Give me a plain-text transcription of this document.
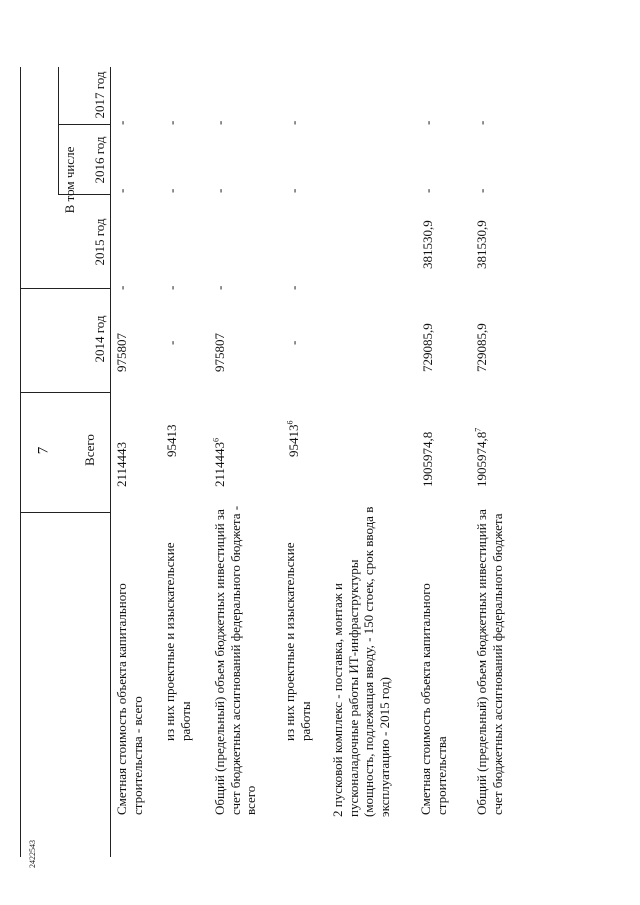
7
2422543
Всего
В том числе
2014 год
2015 год
2016 год
2017 год
Сметная стоимость объекта капитального строительства - всего
2114443
975807
-
-
-
из них проектные и изыскательские работы
95413
-
-
-
-
Общий (предельный) объем бюджетных инвестиций за счет бюджетных ассигнований федерального бюджета - всего
2114443$^6$
975807
-
-
-
из них проектные и изыскательские работы
95413$^6$
-
-
-
-
2 пусковой комплекс - поставка, монтаж и пусконаладочные работы ИТ-инфраструктуры (мощность, подлежащая вводу, - 150 стоек, срок ввода в эксплуатацию - 2015 год) Сметная стоимость объекта капитального строительства
1905974,8
729085,9
381530,9
-
-
Общий (предельный) объем бюджетных инвестиций за счет бюджетных ассигнований федерального бюджета
1905974,8$^7$
729085,9
381530,9
-
-
